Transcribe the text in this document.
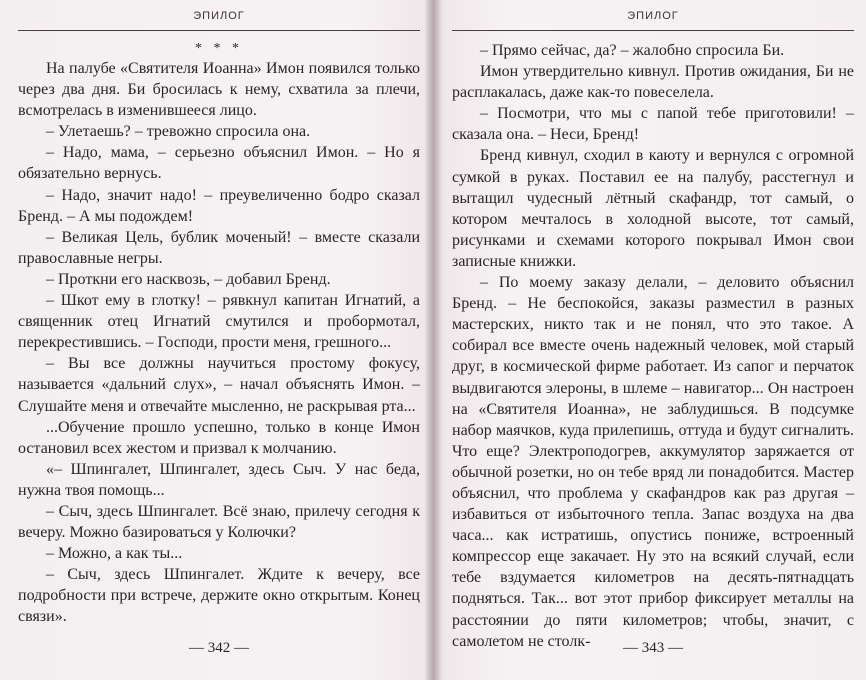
ЭПИЛОГ

* * *

На палубе «Святителя Иоанна» Имон появился только через два дня. Би бросилась к нему, схватила за плечи, всмотрелась в изменившееся лицо.

– Улетаешь? – тревожно спросила она.

– Надо, мама, – серьезно объяснил Имон. – Но я обязательно вернусь.

– Надо, значит надо! – преувеличенно бодро сказал Бренд. – А мы подождем!

– Великая Цель, бублик моченый! – вместе сказали православные негры.

– Проткни его насквозь, – добавил Бренд.

– Шкот ему в глотку! – рявкнул капитан Игнатий, а священник отец Игнатий смутился и пробормотал, перекрестившись. – Господи, прости меня, грешного...

– Вы все должны научиться простому фокусу, называется «дальний слух», – начал объяснять Имон. – Слушайте меня и отвечайте мысленно, не раскрывая рта...

...Обучение прошло успешно, только в конце Имон остановил всех жестом и призвал к молчанию.

«– Шпингалет, Шпингалет, здесь Сыч. У нас беда, нужна твоя помощь...

– Сыч, здесь Шпингалет. Всё знаю, прилечу сегодня к вечеру. Можно базироваться у Колючки?

– Можно, а как ты...

– Сыч, здесь Шпингалет. Ждите к вечеру, все подробности при встрече, держите окно открытым. Конец связи».

— 342 —
ЭПИЛОГ

– Прямо сейчас, да? – жалобно спросила Би.

Имон утвердительно кивнул. Против ожидания, Би не расплакалась, даже как-то повеселела.

– Посмотри, что мы с папой тебе приготовили! – сказала она. – Неси, Бренд!

Бренд кивнул, сходил в каюту и вернулся с огромной сумкой в руках. Поставил ее на палубу, расстегнул и вытащил чудесный лётный скафандр, тот самый, о котором мечталось в холодной высоте, тот самый, рисунками и схемами которого покрывал Имон свои записные книжки.

– По моему заказу делали, – деловито объяснил Бренд. – Не беспокойся, заказы разместил в разных мастерских, никто так и не понял, что это такое. А собирал все вместе очень надежный человек, мой старый друг, в космической фирме работает. Из сапог и перчаток выдвигаются элероны, в шлеме – навигатор... Он настроен на «Святителя Иоанна», не заблудишься. В подсумке набор маячков, куда прилепишь, оттуда и будут сигналить. Что еще? Электроподогрев, аккумулятор заряжается от обычной розетки, но он тебе вряд ли понадобится. Мастер объяснил, что проблема у скафандров как раз другая – избавиться от избыточного тепла. Запас воздуха на два часа... как истратишь, опустись пониже, встроенный компрессор еще закачает. Ну это на всякий случай, если тебе вздумается километров на десять-пятнадцать подняться. Так... вот этот прибор фиксирует металлы на расстоянии до пяти километров; чтобы, значит, с самолетом не столк-	— 343 —
